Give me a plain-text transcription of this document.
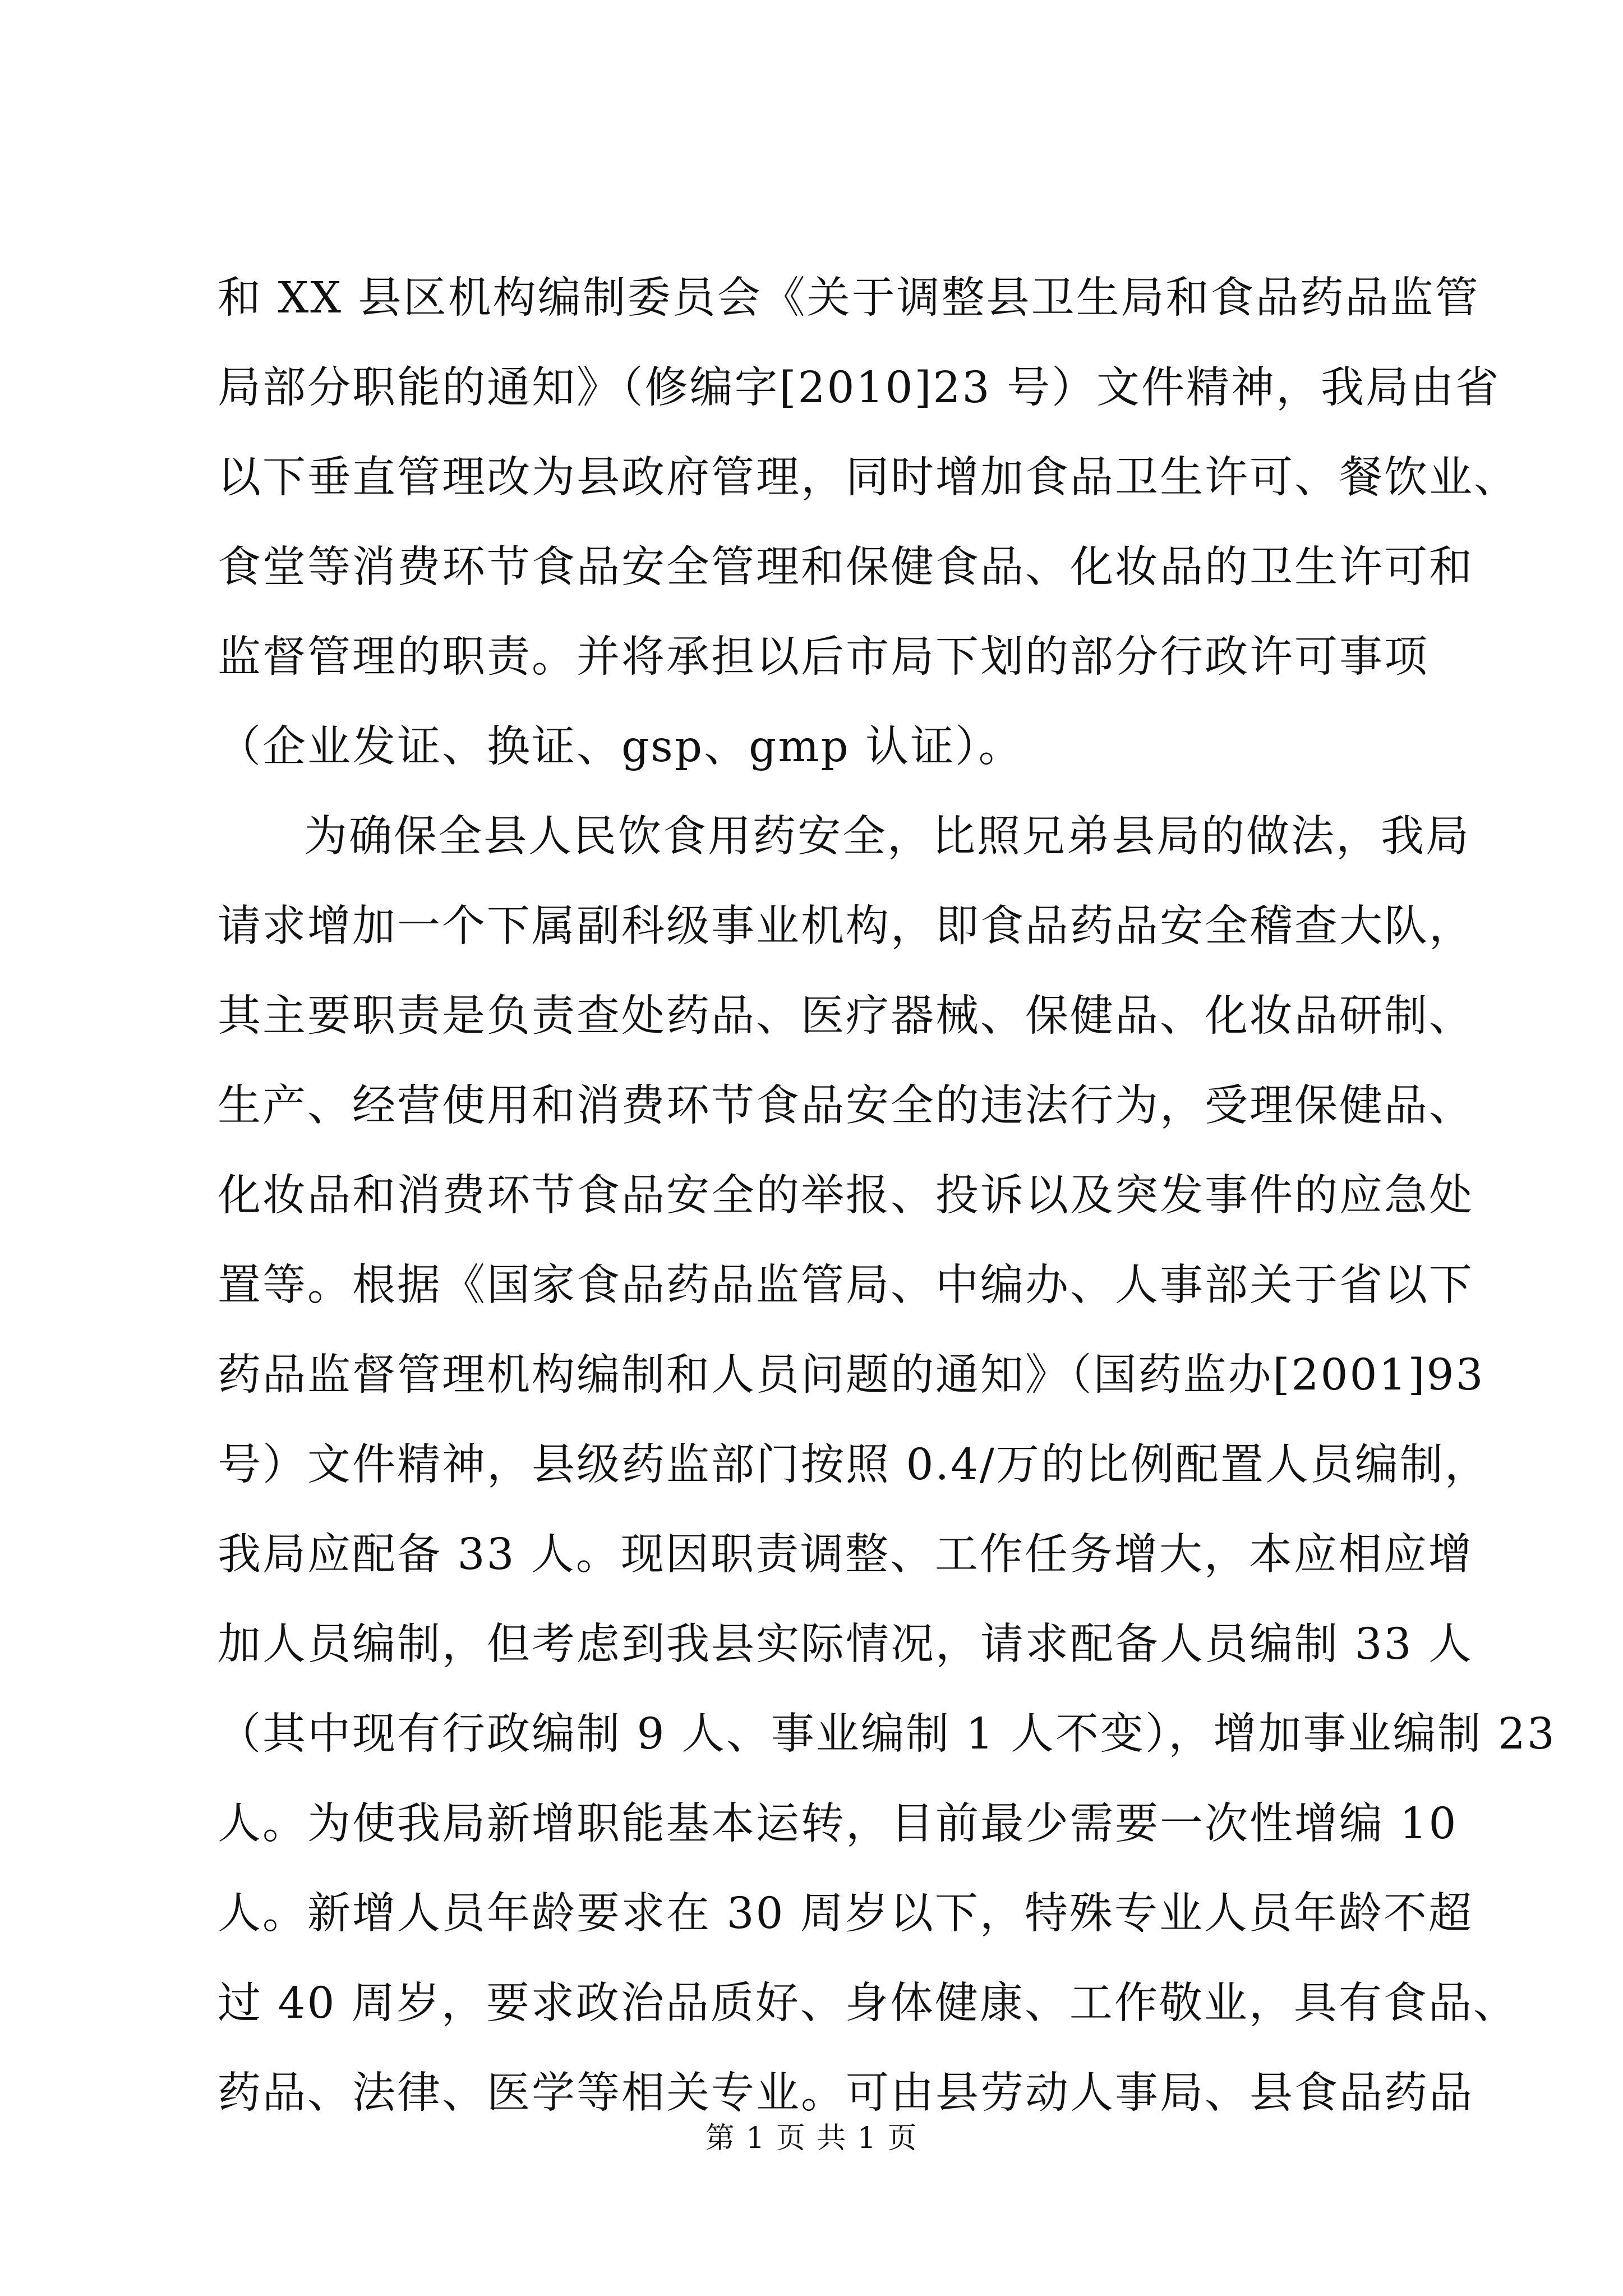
和 XX 县区机构编制委员会《关于调整县卫生局和食品药品监管
局部分职能的通知》（修编字[2010]23 号）文件精神，我局由省
以下垂直管理改为县政府管理，同时增加食品卫生许可、餐饮业、
食堂等消费环节食品安全管理和保健食品、化妆品的卫生许可和
监督管理的职责。并将承担以后市局下划的部分行政许可事项
（企业发证、换证、gsp、gmp 认证）。
为确保全县人民饮食用药安全，比照兄弟县局的做法，我局
请求增加一个下属副科级事业机构，即食品药品安全稽查大队，
其主要职责是负责查处药品、医疗器械、保健品、化妆品研制、
生产、经营使用和消费环节食品安全的违法行为，受理保健品、
化妆品和消费环节食品安全的举报、投诉以及突发事件的应急处
置等。根据《国家食品药品监管局、中编办、人事部关于省以下
药品监督管理机构编制和人员问题的通知》（国药监办[2001]93
号）文件精神，县级药监部门按照 0.4/万的比例配置人员编制，
我局应配备 33 人。现因职责调整、工作任务增大，本应相应增
加人员编制，但考虑到我县实际情况，请求配备人员编制 33 人
（其中现有行政编制 9 人、事业编制 1 人不变），增加事业编制 23
人。为使我局新增职能基本运转，目前最少需要一次性增编 10
人。新增人员年龄要求在 30 周岁以下，特殊专业人员年龄不超
过 40 周岁，要求政治品质好、身体健康、工作敬业，具有食品、
药品、法律、医学等相关专业。可由县劳动人事局、县食品药品
第 1 页 共 1 页
